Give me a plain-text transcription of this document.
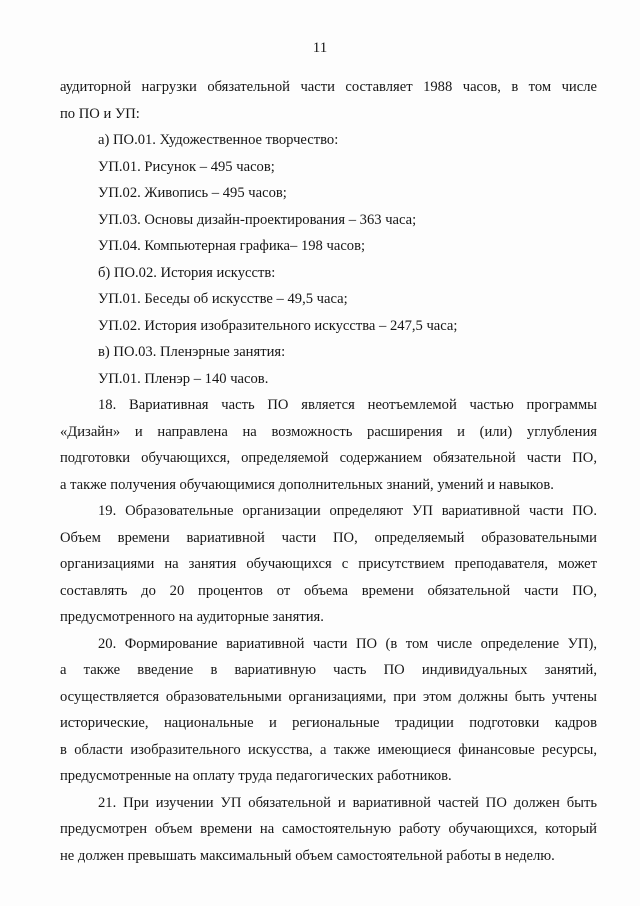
11
аудиторной нагрузки обязательной части составляет 1988 часов, в том числе
по ПО и УП:
а) ПО.01. Художественное творчество:
УП.01. Рисунок – 495 часов;
УП.02. Живопись – 495 часов;
УП.03. Основы дизайн-проектирования – 363 часа;
УП.04. Компьютерная графика– 198 часов;
б) ПО.02. История искусств:
УП.01. Беседы об искусстве – 49,5 часа;
УП.02. История изобразительного искусства – 247,5 часа;
в) ПО.03. Пленэрные занятия:
УП.01. Пленэр – 140 часов.
18. Вариативная часть ПО является неотъемлемой частью программы
«Дизайн» и направлена на возможность расширения и (или) углубления
подготовки обучающихся, определяемой содержанием обязательной части ПО,
а также получения обучающимися дополнительных знаний, умений и навыков.
19. Образовательные организации определяют УП вариативной части ПО.
Объем времени вариативной части ПО, определяемый образовательными
организациями на занятия обучающихся с присутствием преподавателя, может
составлять до 20 процентов от объема времени обязательной части ПО,
предусмотренного на аудиторные занятия.
20. Формирование вариативной части ПО (в том числе определение УП),
а также введение в вариативную часть ПО индивидуальных занятий,
осуществляется образовательными организациями, при этом должны быть учтены
исторические, национальные и региональные традиции подготовки кадров
в области изобразительного искусства, а также имеющиеся финансовые ресурсы,
предусмотренные на оплату труда педагогических работников.
21. При изучении УП обязательной и вариативной частей ПО должен быть
предусмотрен объем времени на самостоятельную работу обучающихся, который
не должен превышать максимальный объем самостоятельной работы в неделю.
